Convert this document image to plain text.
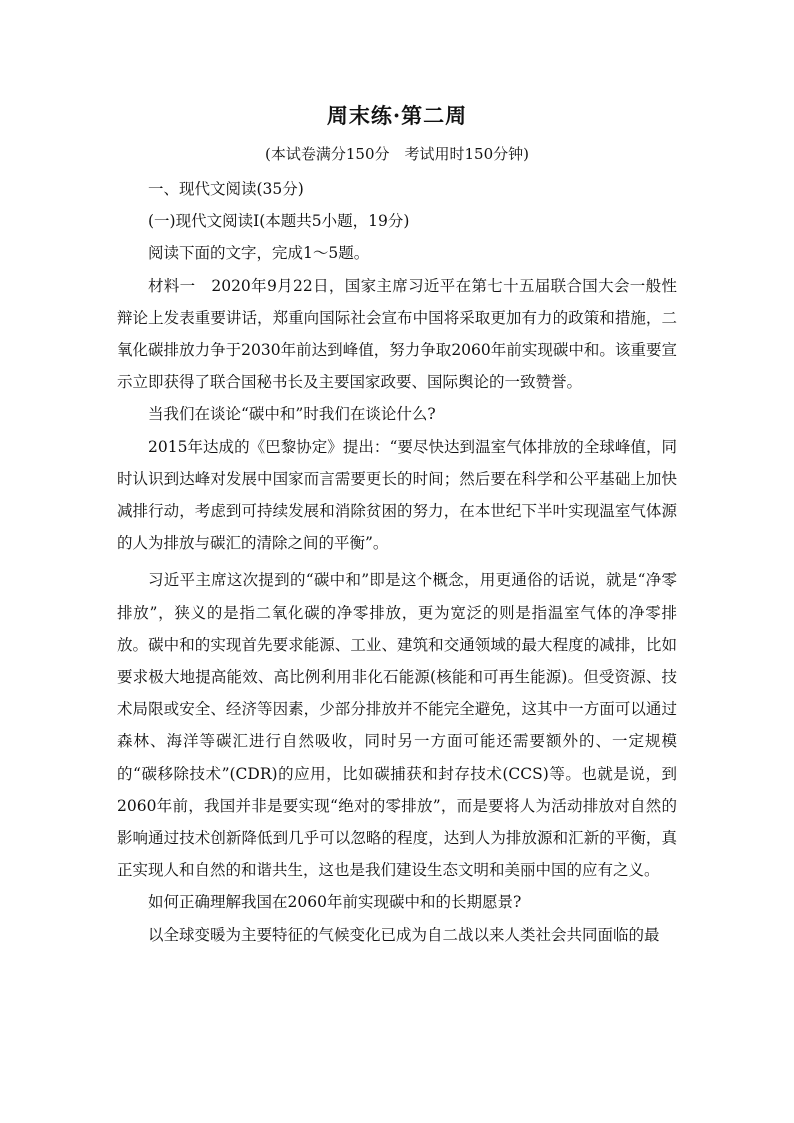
周末练·第二周
(本试卷满分150分　考试用时150分钟)

一、现代文阅读(35分)

(一)现代文阅读Ⅰ(本题共5小题，19分)

阅读下面的文字，完成1～5题。

材料一　2020年9月22日，国家主席习近平在第七十五届联合国大会一般性辩论上发表重要讲话，郑重向国际社会宣布中国将采取更加有力的政策和措施，二氧化碳排放力争于2030年前达到峰值，努力争取2060年前实现碳中和。该重要宣示立即获得了联合国秘书长及主要国家政要、国际舆论的一致赞誉。

当我们在谈论“碳中和”时我们在谈论什么?

2015年达成的《巴黎协定》提出：“要尽快达到温室气体排放的全球峰值，同时认识到达峰对发展中国家而言需要更长的时间；然后要在科学和公平基础上加快减排行动，考虑到可持续发展和消除贫困的努力，在本世纪下半叶实现温室气体源的人为排放与碳汇的清除之间的平衡”。

习近平主席这次提到的“碳中和”即是这个概念，用更通俗的话说，就是“净零排放”，狭义的是指二氧化碳的净零排放，更为宽泛的则是指温室气体的净零排放。碳中和的实现首先要求能源、工业、建筑和交通领域的最大程度的减排，比如要求极大地提高能效、高比例利用非化石能源(核能和可再生能源)。但受资源、技术局限或安全、经济等因素，少部分排放并不能完全避免，这其中一方面可以通过森林、海洋等碳汇进行自然吸收，同时另一方面可能还需要额外的、一定规模的“碳移除技术”(CDR)的应用，比如碳捕获和封存技术(CCS)等。也就是说，到2060年前，我国并非是要实现“绝对的零排放”，而是要将人为活动排放对自然的影响通过技术创新降低到几乎可以忽略的程度，达到人为排放源和汇新的平衡，真正实现人和自然的和谐共生，这也是我们建设生态文明和美丽中国的应有之义。

如何正确理解我国在2060年前实现碳中和的长期愿景?

以全球变暖为主要特征的气候变化已成为自二战以来人类社会共同面临的最
